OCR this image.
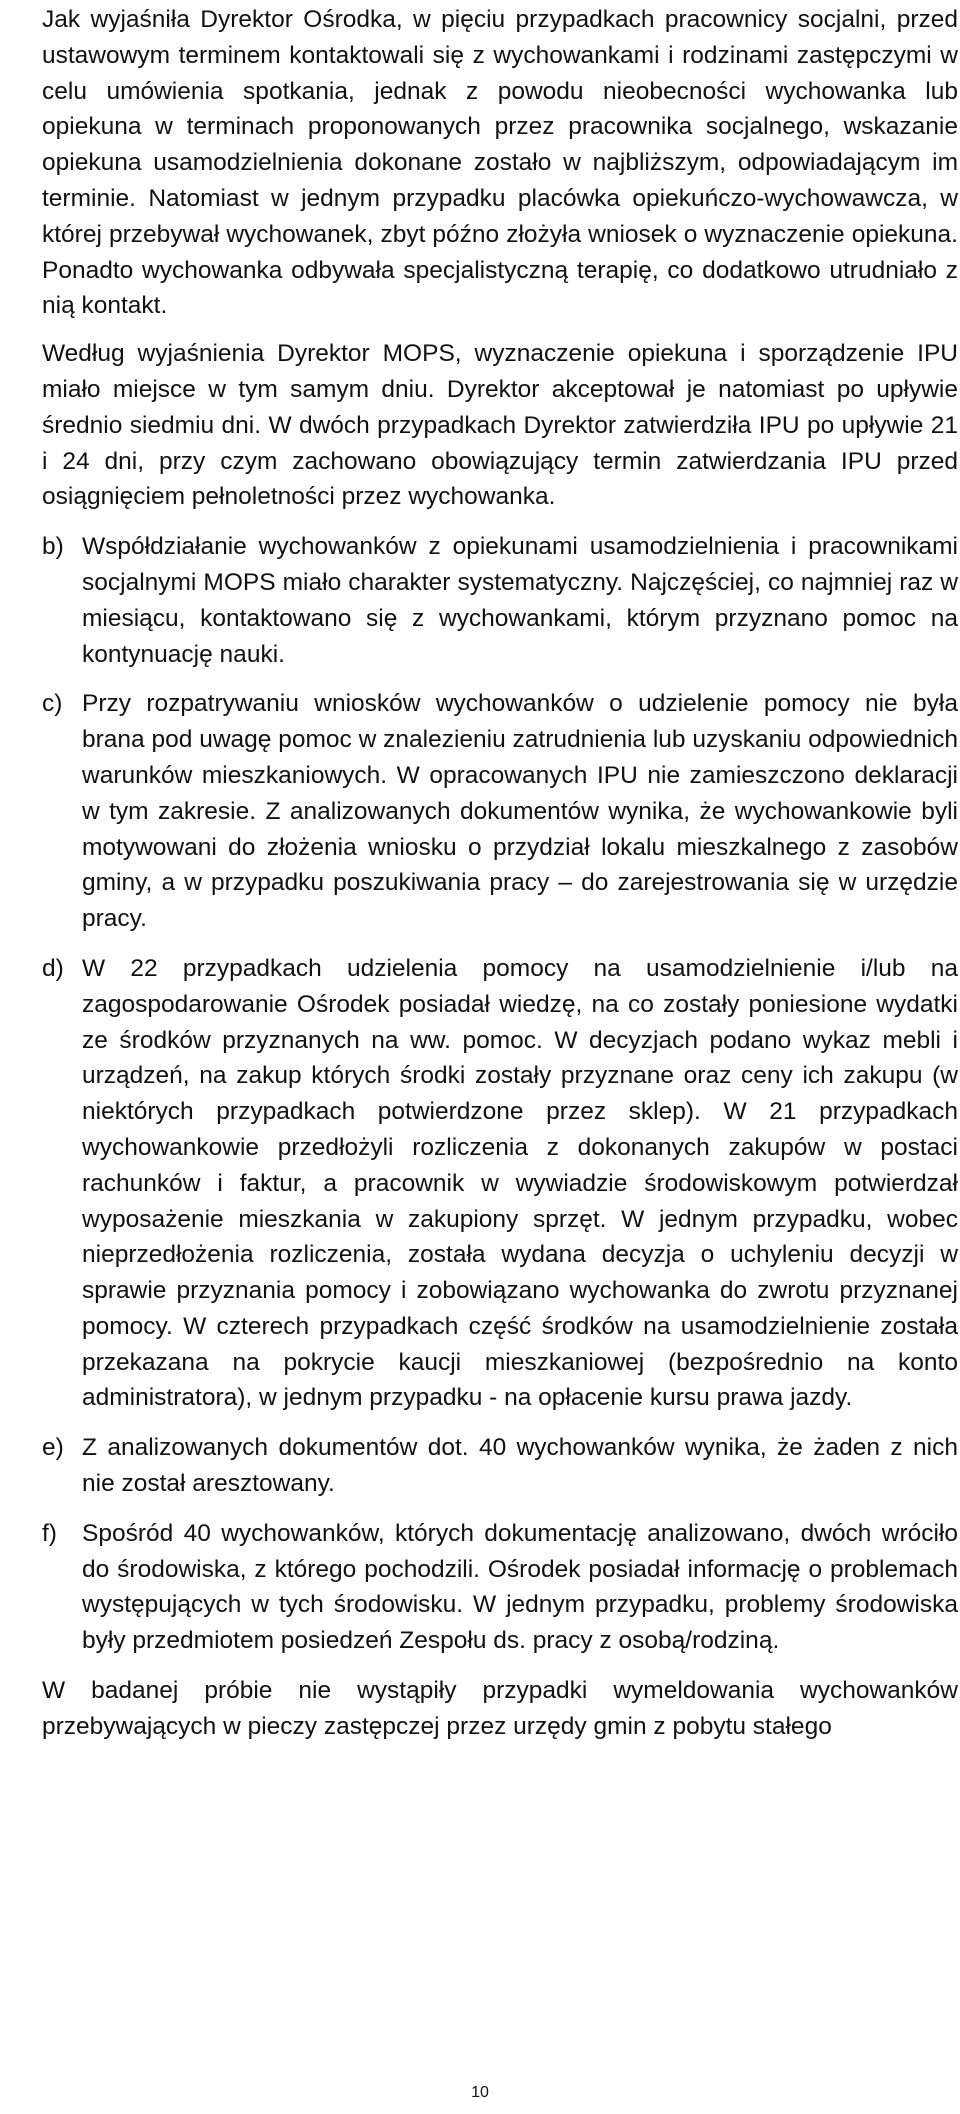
Jak wyjaśniła Dyrektor Ośrodka, w pięciu przypadkach pracownicy socjalni, przed ustawowym terminem kontaktowali się z wychowankami i rodzinami zastępczymi w celu umówienia spotkania, jednak z powodu nieobecności wychowanka lub opiekuna w terminach proponowanych przez pracownika socjalnego, wskazanie opiekuna usamodzielnienia dokonane zostało w najbliższym, odpowiadającym im terminie. Natomiast w jednym przypadku placówka opiekuńczo-wychowawcza, w której przebywał wychowanek, zbyt późno złożyła wniosek o wyznaczenie opiekuna. Ponadto wychowanka odbywała specjalistyczną terapię, co dodatkowo utrudniało z nią kontakt.

Według wyjaśnienia Dyrektor MOPS, wyznaczenie opiekuna i sporządzenie IPU miało miejsce w tym samym dniu. Dyrektor akceptował je natomiast po upływie średnio siedmiu dni. W dwóch przypadkach Dyrektor zatwierdziła IPU po upływie 21 i 24 dni, przy czym zachowano obowiązujący termin zatwierdzania IPU przed osiągnięciem pełnoletności przez wychowanka.

b) Współdziałanie wychowanków z opiekunami usamodzielnienia i pracownikami socjalnymi MOPS miało charakter systematyczny. Najczęściej, co najmniej raz w miesiącu, kontaktowano się z wychowankami, którym przyznano pomoc na kontynuację nauki.
c) Przy rozpatrywaniu wniosków wychowanków o udzielenie pomocy nie była brana pod uwagę pomoc w znalezieniu zatrudnienia lub uzyskaniu odpowiednich warunków mieszkaniowych. W opracowanych IPU nie zamieszczono deklaracji w tym zakresie. Z analizowanych dokumentów wynika, że wychowankowie byli motywowani do złożenia wniosku o przydział lokalu mieszkalnego z zasobów gminy, a w przypadku poszukiwania pracy – do zarejestrowania się w urzędzie pracy.
d) W 22 przypadkach udzielenia pomocy na usamodzielnienie i/lub na zagospodarowanie Ośrodek posiadał wiedzę, na co zostały poniesione wydatki ze środków przyznanych na ww. pomoc. W decyzjach podano wykaz mebli i urządzeń, na zakup których środki zostały przyznane oraz ceny ich zakupu (w niektórych przypadkach potwierdzone przez sklep). W 21 przypadkach wychowankowie przedłożyli rozliczenia z dokonanych zakupów w postaci rachunków i faktur, a pracownik w wywiadzie środowiskowym potwierdzał wyposażenie mieszkania w zakupiony sprzęt. W jednym przypadku, wobec nieprzedłożenia rozliczenia, została wydana decyzja o uchyleniu decyzji w sprawie przyznania pomocy i zobowiązano wychowanka do zwrotu przyznanej pomocy. W czterech przypadkach część środków na usamodzielnienie została przekazana na pokrycie kaucji mieszkaniowej (bezpośrednio na konto administratora), w jednym przypadku - na opłacenie kursu prawa jazdy.
e) Z analizowanych dokumentów dot. 40 wychowanków wynika, że żaden z nich nie został aresztowany.
f)	Spośród 40 wychowanków, których dokumentację analizowano, dwóch wróciło do środowiska, z którego pochodzili. Ośrodek posiadał informację o problemach występujących w tych środowisku. W jednym przypadku, problemy środowiska były przedmiotem posiedzeń Zespołu ds. pracy z osobą/rodziną.

W badanej próbie nie wystąpiły przypadki wymeldowania wychowanków przebywających w pieczy zastępczej przez urzędy gmin z pobytu stałego

10
